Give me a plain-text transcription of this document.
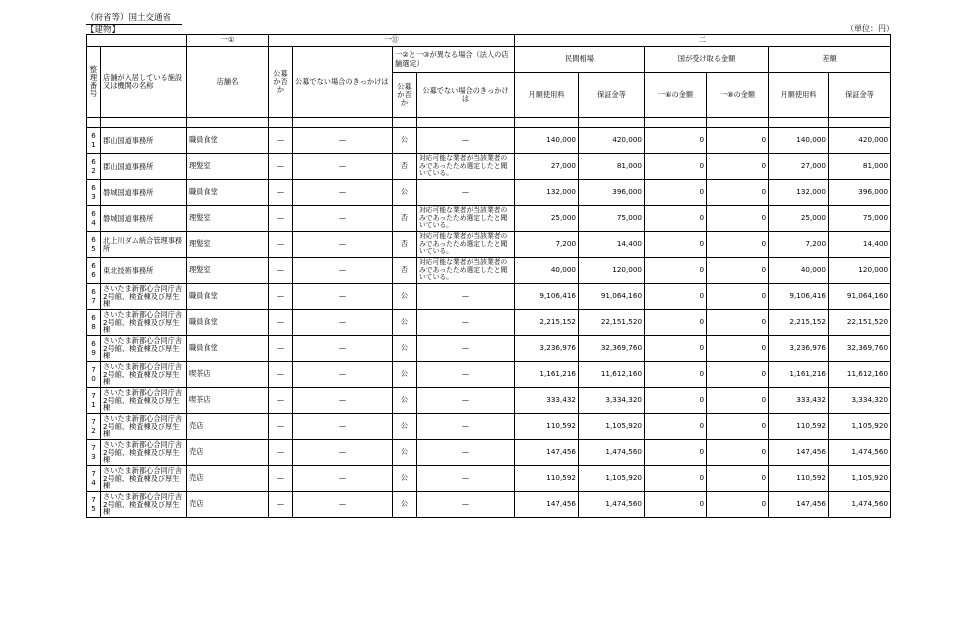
（府省等）国土交通省
【建物】	（単位：円）
		一①	一⑪				二					
整理番号	店舗が入居している施設又は機関の名称	店舗名	公募か否か	公募でない場合のきっかけは	一②と一③が異なる場合（法人の店舗選定）		民間相場		国が受け取る金額		差額	
					公募か否か	公募でない場合のきっかけは	月額使用料	保証金等	一⑥の金額	一⑧の金額	月額使用料	保証金等

61	郡山国道事務所	職員食堂	—	—	公	—	140,000	420,000	0	0	140,000	420,000
62	郡山国道事務所	理髪室	—	—	否	対応可能な業者が当該業者のみであったため選定したと聞いている。	27,000	81,000	0	0	27,000	81,000
63	磐城国道事務所	職員食堂	—	—	公	—	132,000	396,000	0	0	132,000	396,000
64	磐城国道事務所	理髪室	—	—	否	対応可能な業者が当該業者のみであったため選定したと聞いている。	25,000	75,000	0	0	25,000	75,000
65	北上川ダム統合管理事務所	理髪室	—	—	否	対応可能な業者が当該業者のみであったため選定したと聞いている。	7,200	14,400	0	0	7,200	14,400
66	東北技術事務所	理髪室	—	—	否	対応可能な業者が当該業者のみであったため選定したと聞いている。	40,000	120,000	0	0	40,000	120,000
67	さいたま新都心合同庁舎2号館、検査棟及び厚生棟	職員食堂	—	—	公	—	9,106,416	91,064,160	0	0	9,106,416	91,064,160
68	さいたま新都心合同庁舎2号館、検査棟及び厚生棟	職員食堂	—	—	公	—	2,215,152	22,151,520	0	0	2,215,152	22,151,520
69	さいたま新都心合同庁舎2号館、検査棟及び厚生棟	職員食堂	—	—	公	—	3,236,976	32,369,760	0	0	3,236,976	32,369,760
70	さいたま新都心合同庁舎2号館、検査棟及び厚生棟	喫茶店	—	—	公	—	1,161,216	11,612,160	0	0	1,161,216	11,612,160
71	さいたま新都心合同庁舎2号館、検査棟及び厚生棟	喫茶店	—	—	公	—	333,432	3,334,320	0	0	333,432	3,334,320
72	さいたま新都心合同庁舎2号館、検査棟及び厚生棟	売店	—	—	公	—	110,592	1,105,920	0	0	110,592	1,105,920
73	さいたま新都心合同庁舎2号館、検査棟及び厚生棟	売店	—	—	公	—	147,456	1,474,560	0	0	147,456	1,474,560
74	さいたま新都心合同庁舎2号館、検査棟及び厚生棟	売店	—	—	公	—	110,592	1,105,920	0	0	110,592	1,105,920
75	さいたま新都心合同庁舎2号館、検査棟及び厚生棟	売店	—	—	公	—	147,456	1,474,560	0	0	147,456	1,474,560
